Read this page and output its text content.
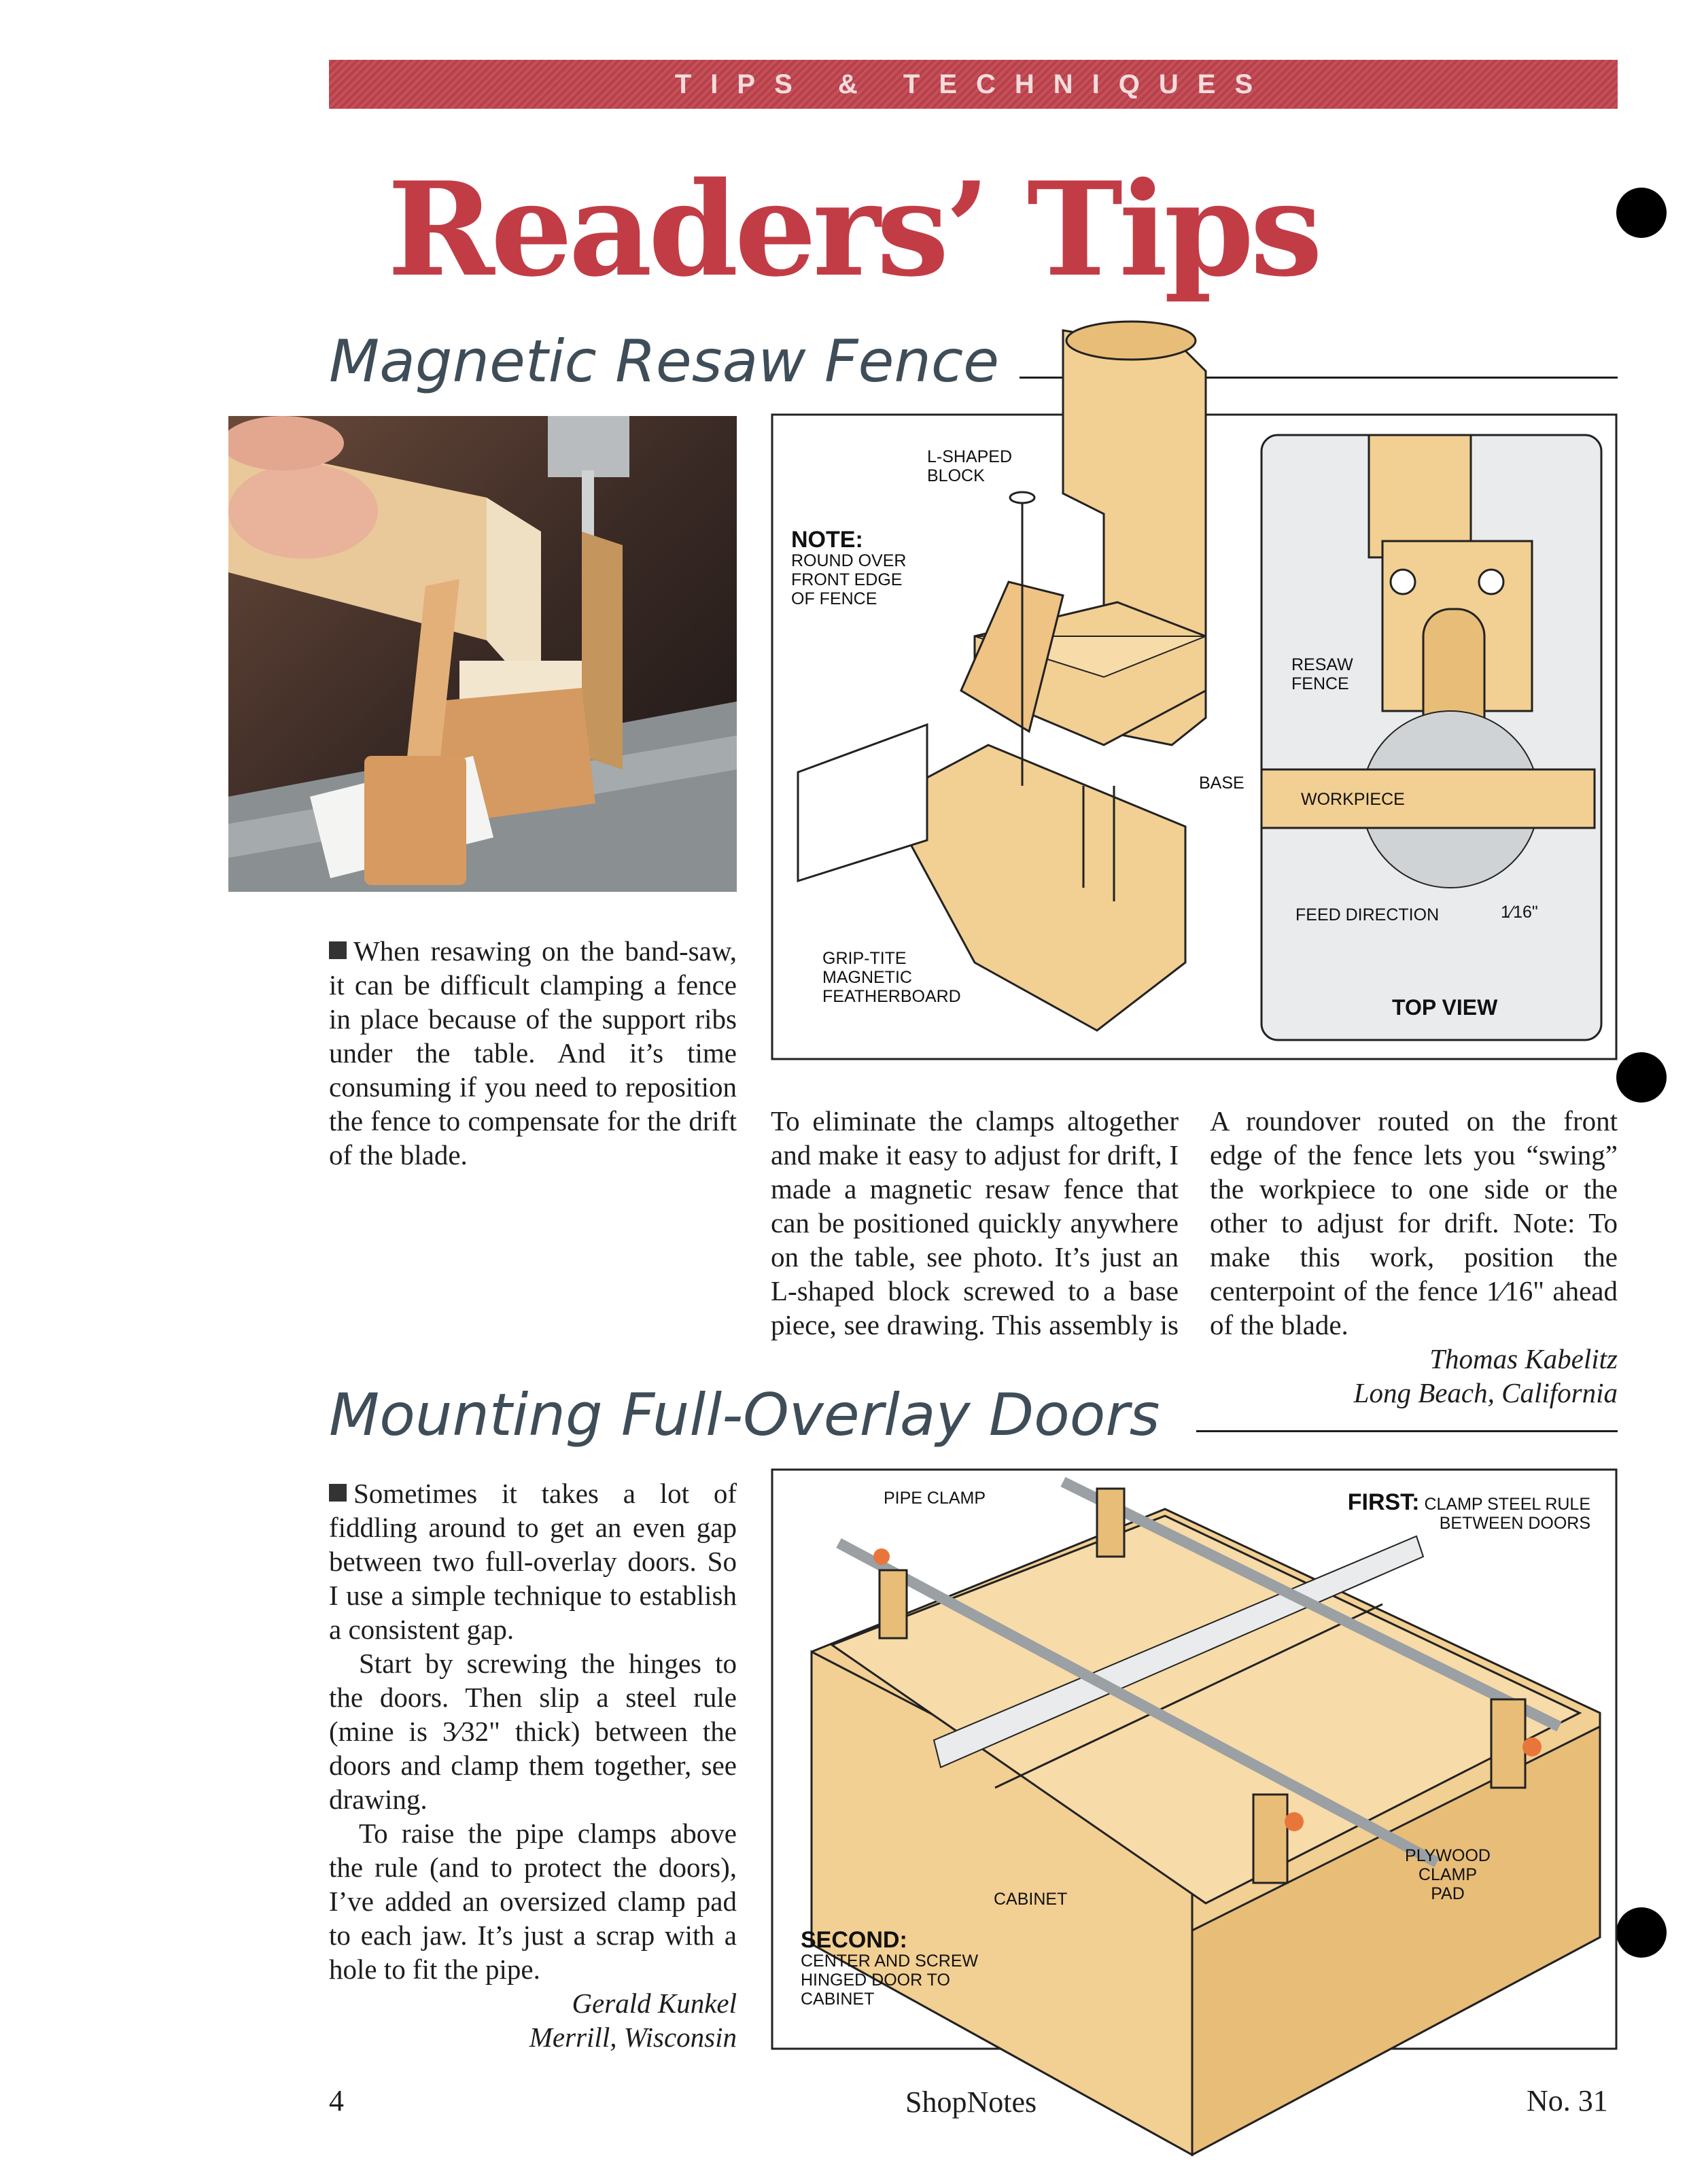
TIPS & TECHNIQUES
Readers’ Tips
Magnetic Resaw Fence
L-SHAPED BLOCK
NOTE:
ROUND OVER FRONT EDGE OF FENCE
BASE
GRIP-TITE MAGNETIC FEATHERBOARD
RESAW FENCE
WORKPIECE
FEED DIRECTION	1⁄16"
TOP VIEW

When resawing on the band-saw, it can be difficult clamping a fence in place because of the support ribs under the table. And it’s time consuming if you need to reposition the fence to compensate for the drift of the blade.

To eliminate the clamps altogether and make it easy to adjust for drift, I made a magnetic resaw fence that can be positioned quickly anywhere on the table, see photo. It’s just an L-shaped block screwed to a base piece, see drawing. This assembly is

A roundover routed on the front edge of the fence lets you “swing” the workpiece to one side or the other to adjust for drift. Note: To make this work, position the centerpoint of the fence 1⁄16" ahead of the blade.

Thomas Kabelitz

Long Beach, California

Mounting Full-Overlay Doors

Sometimes it takes a lot of fiddling around to get an even gap between two full-overlay doors. So I use a simple technique to establish a consistent gap.

Start by screwing the hinges to the doors. Then slip a steel rule (mine is 3⁄32" thick) between the doors and clamp them together, see drawing.

To raise the pipe clamps above the rule (and to protect the doors), I’ve added an oversized clamp pad to each jaw. It’s just a scrap with a hole to fit the pipe.

Gerald Kunkel

Merrill, Wisconsin

PIPE CLAMP	FIRST: CLAMP STEEL RULE BETWEEN DOORS
CABINET
PLYWOOD CLAMP PAD
SECOND:
CENTER AND SCREW HINGED DOOR TO CABINET
4	ShopNotes	No. 31
